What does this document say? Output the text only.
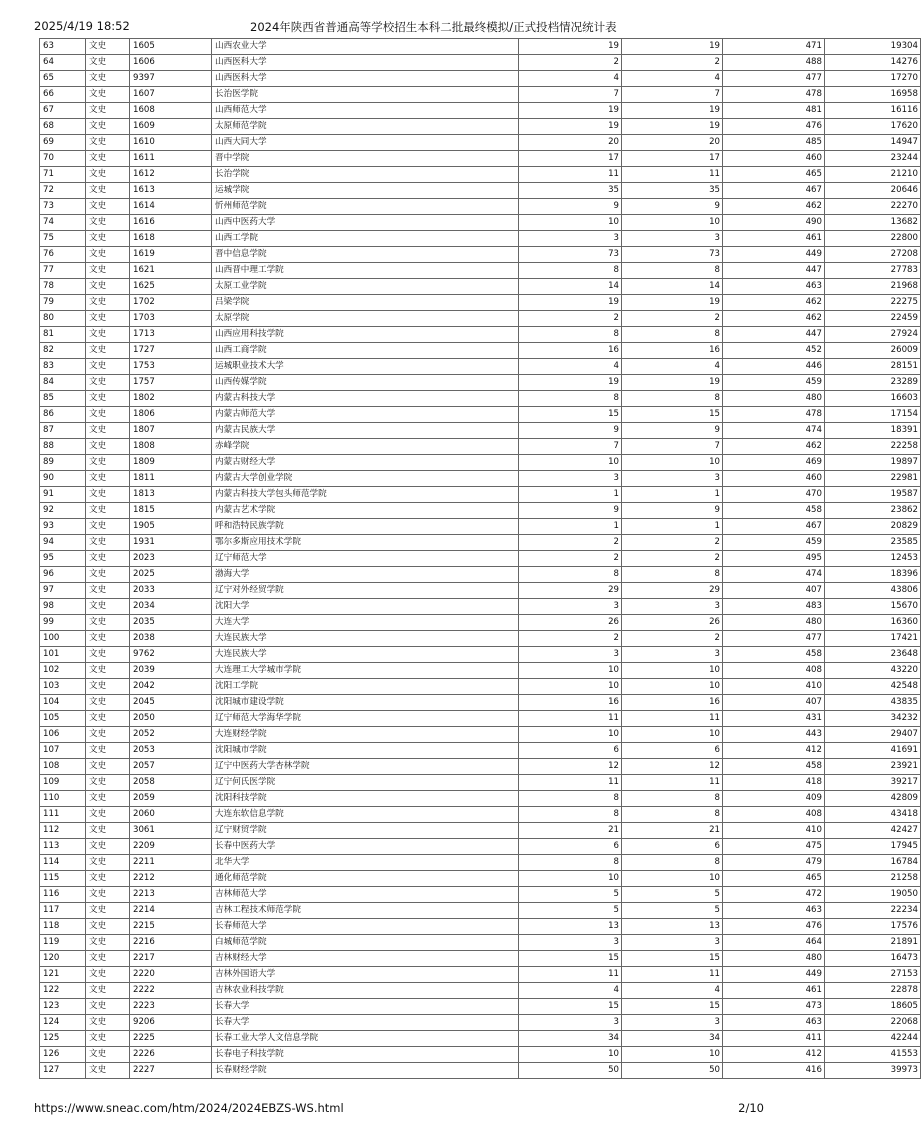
2025/4/19 18:52	2024年陕西省普通高等学校招生本科二批最终模拟/正式投档情况统计表
63	文史	1605	山西农业大学	19	19	471	19304
64	文史	1606	山西医科大学	2	2	488	14276
65	文史	9397	山西医科大学	4	4	477	17270
66	文史	1607	长治医学院	7	7	478	16958
67	文史	1608	山西师范大学	19	19	481	16116
68	文史	1609	太原师范学院	19	19	476	17620
69	文史	1610	山西大同大学	20	20	485	14947
70	文史	1611	晋中学院	17	17	460	23244
71	文史	1612	长治学院	11	11	465	21210
72	文史	1613	运城学院	35	35	467	20646
73	文史	1614	忻州师范学院	9	9	462	22270
74	文史	1616	山西中医药大学	10	10	490	13682
75	文史	1618	山西工学院	3	3	461	22800
76	文史	1619	晋中信息学院	73	73	449	27208
77	文史	1621	山西晋中理工学院	8	8	447	27783
78	文史	1625	太原工业学院	14	14	463	21968
79	文史	1702	吕梁学院	19	19	462	22275
80	文史	1703	太原学院	2	2	462	22459
81	文史	1713	山西应用科技学院	8	8	447	27924
82	文史	1727	山西工商学院	16	16	452	26009
83	文史	1753	运城职业技术大学	4	4	446	28151
84	文史	1757	山西传媒学院	19	19	459	23289
85	文史	1802	内蒙古科技大学	8	8	480	16603
86	文史	1806	内蒙古师范大学	15	15	478	17154
87	文史	1807	内蒙古民族大学	9	9	474	18391
88	文史	1808	赤峰学院	7	7	462	22258
89	文史	1809	内蒙古财经大学	10	10	469	19897
90	文史	1811	内蒙古大学创业学院	3	3	460	22981
91	文史	1813	内蒙古科技大学包头师范学院	1	1	470	19587
92	文史	1815	内蒙古艺术学院	9	9	458	23862
93	文史	1905	呼和浩特民族学院	1	1	467	20829
94	文史	1931	鄂尔多斯应用技术学院	2	2	459	23585
95	文史	2023	辽宁师范大学	2	2	495	12453
96	文史	2025	渤海大学	8	8	474	18396
97	文史	2033	辽宁对外经贸学院	29	29	407	43806
98	文史	2034	沈阳大学	3	3	483	15670
99	文史	2035	大连大学	26	26	480	16360
100	文史	2038	大连民族大学	2	2	477	17421
101	文史	9762	大连民族大学	3	3	458	23648
102	文史	2039	大连理工大学城市学院	10	10	408	43220
103	文史	2042	沈阳工学院	10	10	410	42548
104	文史	2045	沈阳城市建设学院	16	16	407	43835
105	文史	2050	辽宁师范大学海华学院	11	11	431	34232
106	文史	2052	大连财经学院	10	10	443	29407
107	文史	2053	沈阳城市学院	6	6	412	41691
108	文史	2057	辽宁中医药大学杏林学院	12	12	458	23921
109	文史	2058	辽宁何氏医学院	11	11	418	39217
110	文史	2059	沈阳科技学院	8	8	409	42809
111	文史	2060	大连东软信息学院	8	8	408	43418
112	文史	3061	辽宁财贸学院	21	21	410	42427
113	文史	2209	长春中医药大学	6	6	475	17945
114	文史	2211	北华大学	8	8	479	16784
115	文史	2212	通化师范学院	10	10	465	21258
116	文史	2213	吉林师范大学	5	5	472	19050
117	文史	2214	吉林工程技术师范学院	5	5	463	22234
118	文史	2215	长春师范大学	13	13	476	17576
119	文史	2216	白城师范学院	3	3	464	21891
120	文史	2217	吉林财经大学	15	15	480	16473
121	文史	2220	吉林外国语大学	11	11	449	27153
122	文史	2222	吉林农业科技学院	4	4	461	22878
123	文史	2223	长春大学	15	15	473	18605
124	文史	9206	长春大学	3	3	463	22068
125	文史	2225	长春工业大学人文信息学院	34	34	411	42244
126	文史	2226	长春电子科技学院	10	10	412	41553
127	文史	2227	长春财经学院	50	50	416	39973
https://www.sneac.com/htm/2024/2024EBZS-WS.html	2/10
